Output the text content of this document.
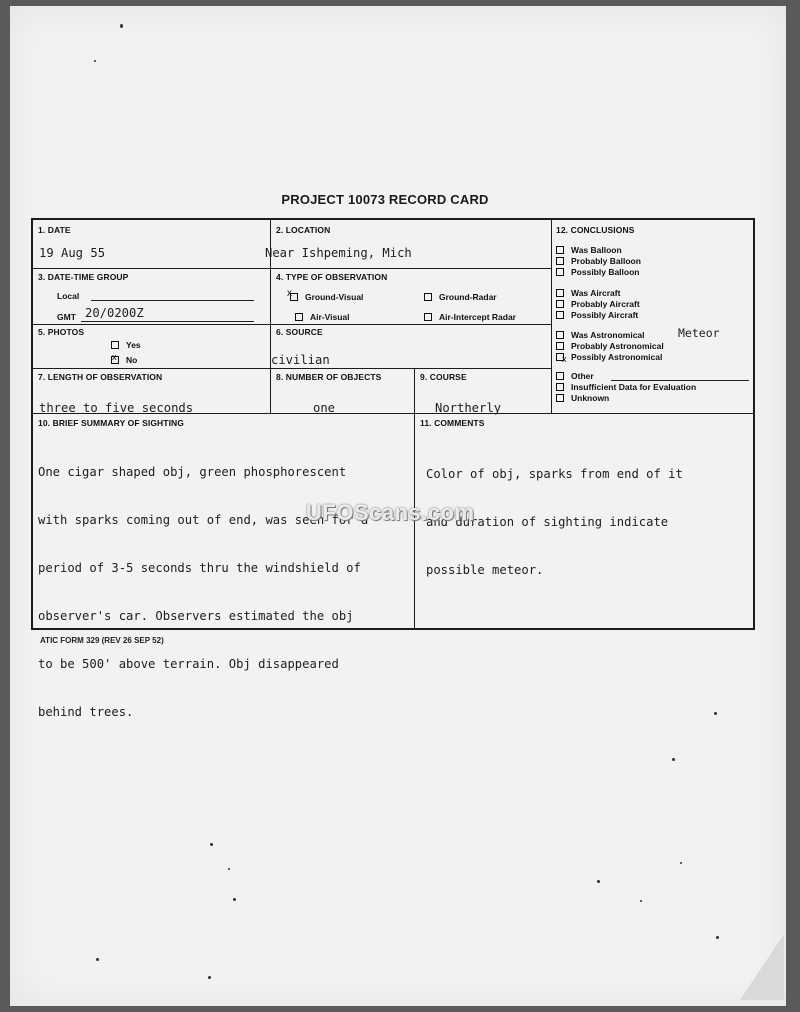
PROJECT 10073 RECORD CARD
1. DATE
19 Aug 55
2. LOCATION
Near Ishpeming, Mich
3. DATE-TIME GROUP
Local
GMT 20/0200Z
4. TYPE OF OBSERVATION
x Ground-Visual	Ground-Radar
Air-Visual	Air-Intercept Radar
5. PHOTOS
Yes
x No
6. SOURCE
civilian
7. LENGTH OF OBSERVATION
three to five seconds
8. NUMBER OF OBJECTS
one
9. COURSE
Northerly
10. BRIEF SUMMARY OF SIGHTING

One cigar shaped obj, green phosphorescent

with sparks coming out of end, was seen for a

period of 3-5 seconds thru the windshield of

observer's car. Observers estimated the obj

to be 500' above terrain. Obj disappeared

behind trees.

11. COMMENTS

Color of obj, sparks from end of it

and duration of sighting indicate

possible meteor.

12. CONCLUSIONS
Was Balloon
Probably Balloon
Possibly Balloon
Was Aircraft
Probably Aircraft
Possibly Aircraft
Was Astronomical	Meteor
Probably Astronomical
x Possibly Astronomical
Other
Insufficient Data for Evaluation
Unknown
ATIC FORM 329 (REV 26 SEP 52)
UFOScans.com
